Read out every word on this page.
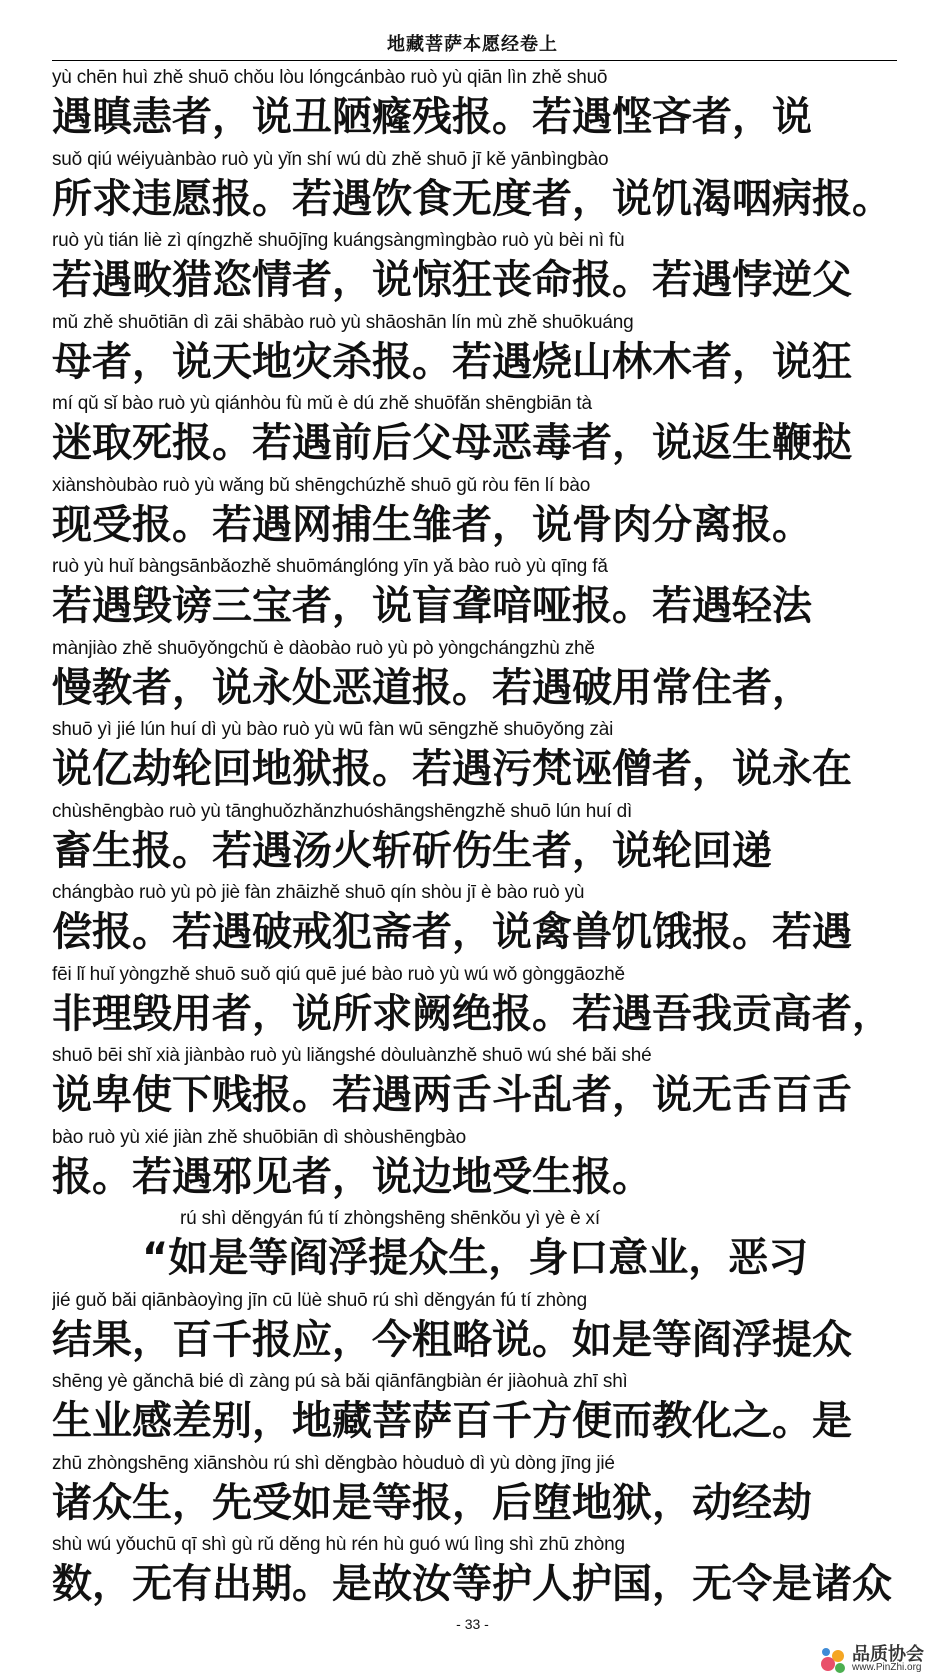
地藏菩萨本愿经卷上
yù chēn huì zhě shuō chǒu lòu lóngcánbào ruò yù qiān lìn zhě shuō
遇瞋恚者，说丑陋癃残报。若遇悭吝者，说
suǒ qiú wéiyuànbào ruò yù yǐn shí wú dù zhě shuō jī kě yānbìngbào
所求违愿报。若遇饮食无度者，说饥渴咽病报。
ruò yù tián liè zì qíngzhě shuōjīng kuángsàngmìngbào ruò yù bèi nì fù
若遇畋猎恣情者，说惊狂丧命报。若遇悖逆父
mǔ zhě shuōtiān dì zāi shābào ruò yù shāoshān lín mù zhě shuōkuáng
母者，说天地灾杀报。若遇烧山林木者，说狂
mí qǔ sǐ bào ruò yù qiánhòu fù mǔ è dú zhě shuōfǎn shēngbiān tà
迷取死报。若遇前后父母恶毒者，说返生鞭挞
xiànshòubào ruò yù wǎng bǔ shēngchúzhě shuō gǔ ròu fēn lí bào
现受报。若遇网捕生雏者，说骨肉分离报。
ruò yù huǐ bàngsānbǎozhě shuōmánglóng yīn yǎ bào ruò yù qīng fǎ
若遇毁谤三宝者，说盲聋喑哑报。若遇轻法
mànjiào zhě shuōyǒngchǔ è dàobào ruò yù pò yòngchángzhù zhě
慢教者，说永处恶道报。若遇破用常住者，
shuō yì jié lún huí dì yù bào ruò yù wū fàn wū sēngzhě shuōyǒng zài
说亿劫轮回地狱报。若遇污梵诬僧者，说永在
chùshēngbào ruò yù tānghuǒzhǎnzhuóshāngshēngzhě shuō lún huí dì
畜生报。若遇汤火斩斫伤生者，说轮回递
chángbào ruò yù pò jiè fàn zhāizhě shuō qín shòu jī è bào ruò yù
偿报。若遇破戒犯斋者，说禽兽饥饿报。若遇
fēi lǐ huǐ yòngzhě shuō suǒ qiú quē jué bào ruò yù wú wǒ gònggāozhě
非理毁用者，说所求阙绝报。若遇吾我贡高者，
shuō bēi shǐ xià jiànbào ruò yù liǎngshé dòuluànzhě shuō wú shé bǎi shé
说卑使下贱报。若遇两舌斗乱者，说无舌百舌
bào ruò yù xié jiàn zhě shuōbiān dì shòushēngbào
报。若遇邪见者，说边地受生报。
rú shì děngyán fú tí zhòngshēng shēnkǒu yì yè è xí
“如是等阎浮提众生，身口意业，恶习
jié guǒ bǎi qiānbàoyìng jīn cū lüè shuō rú shì děngyán fú tí zhòng
结果，百千报应，今粗略说。如是等阎浮提众
shēng yè gǎnchā bié dì zàng pú sà bǎi qiānfāngbiàn ér jiàohuà zhī shì
生业感差别，地藏菩萨百千方便而教化之。是
zhū zhòngshēng xiānshòu rú shì děngbào hòuduò dì yù dòng jīng jié
诸众生，先受如是等报，后堕地狱，动经劫
shù wú yǒuchū qī shì gù rǔ děng hù rén hù guó wú lìng shì zhū zhòng
数，无有出期。是故汝等护人护国，无令是诸众
- 33 -
品质协会
www.PinZhi.org
